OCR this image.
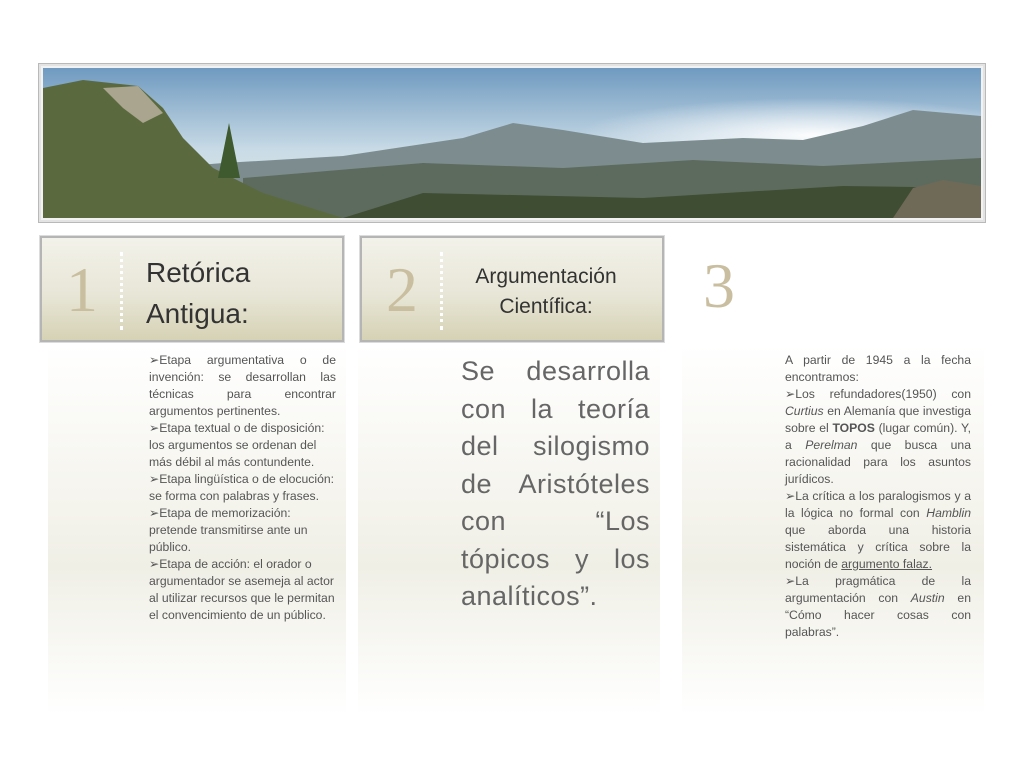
1 Retórica
Antigua: 2	Argumentación
Científica:	3

➢Etapa argumentativa o de invención: se desarrollan las técnicas para encontrar argumentos pertinentes.

➢Etapa textual o de disposición: los argumentos se ordenan del más débil al más contundente.

➢Etapa lingüística o de elocución: se forma con palabras y frases.

➢Etapa de memorización: pretende transmitirse ante un público.

➢Etapa de acción: el orador o argumentador se asemeja al actor al utilizar recursos que le permitan el convencimiento de un público.

Se desarrolla con la teoría del silogismo de Aristóteles con “Los tópicos y los analíticos”.

A partir de 1945 a la fecha encontramos:

➢Los refundadores(1950) con Curtius en Alemanía que investiga sobre el TOPOS (lugar común). Y, a Perelman que busca una racionalidad para los asuntos jurídicos.

➢La crítica a los paralogismos y a la lógica no formal con Hamblin que aborda una historia sistemática y crítica sobre la noción de argumento falaz.

➢La pragmática de la argumentación con Austin en “Cómo hacer cosas con palabras”.
